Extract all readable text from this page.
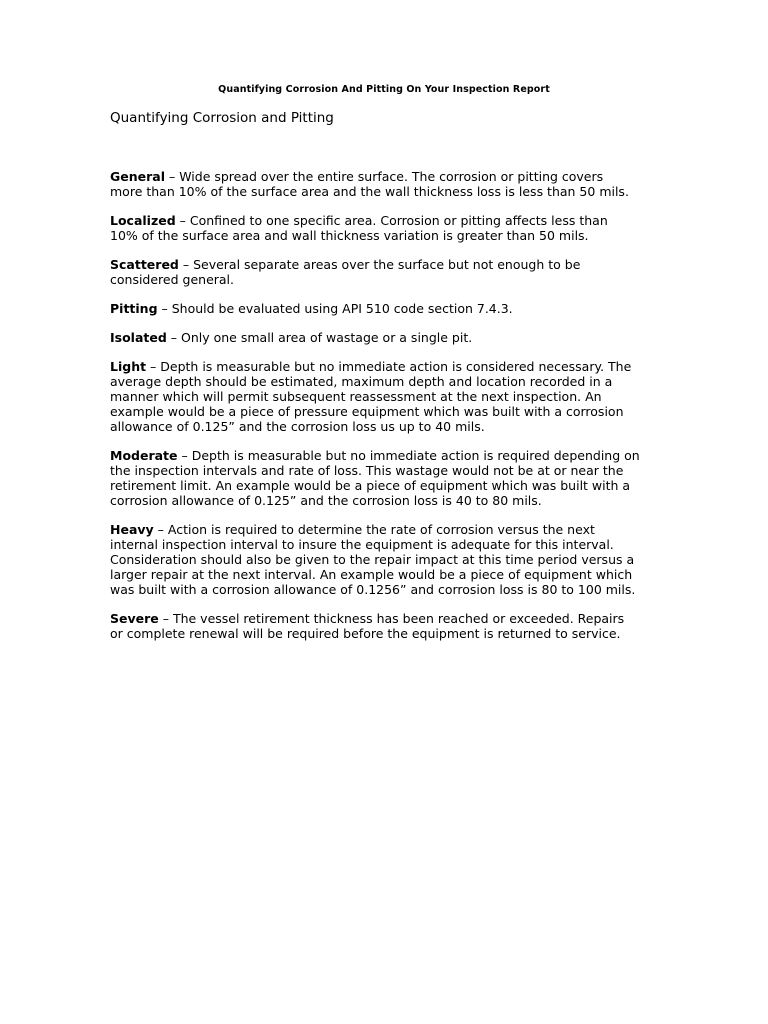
Quantifying Corrosion And Pitting On Your Inspection Report
Quantifying Corrosion and Pitting

General – Wide spread over the entire surface. The corrosion or pitting covers
more than 10% of the surface area and the wall thickness loss is less than 50 mils.

Localized – Confined to one specific area. Corrosion or pitting affects less than
10% of the surface area and wall thickness variation is greater than 50 mils.

Scattered – Several separate areas over the surface but not enough to be
considered general.

Pitting – Should be evaluated using API 510 code section 7.4.3.

Isolated – Only one small area of wastage or a single pit.

Light – Depth is measurable but no immediate action is considered necessary. The
average depth should be estimated, maximum depth and location recorded in a
manner which will permit subsequent reassessment at the next inspection. An
example would be a piece of pressure equipment which was built with a corrosion
allowance of 0.125” and the corrosion loss us up to 40 mils.

Moderate – Depth is measurable but no immediate action is required depending on
the inspection intervals and rate of loss. This wastage would not be at or near the
retirement limit. An example would be a piece of equipment which was built with a
corrosion allowance of 0.125” and the corrosion loss is 40 to 80 mils.

Heavy – Action is required to determine the rate of corrosion versus the next
internal inspection interval to insure the equipment is adequate for this interval.
Consideration should also be given to the repair impact at this time period versus a
larger repair at the next interval. An example would be a piece of equipment which
was built with a corrosion allowance of 0.1256” and corrosion loss is 80 to 100 mils.

Severe – The vessel retirement thickness has been reached or exceeded. Repairs
or complete renewal will be required before the equipment is returned to service.
